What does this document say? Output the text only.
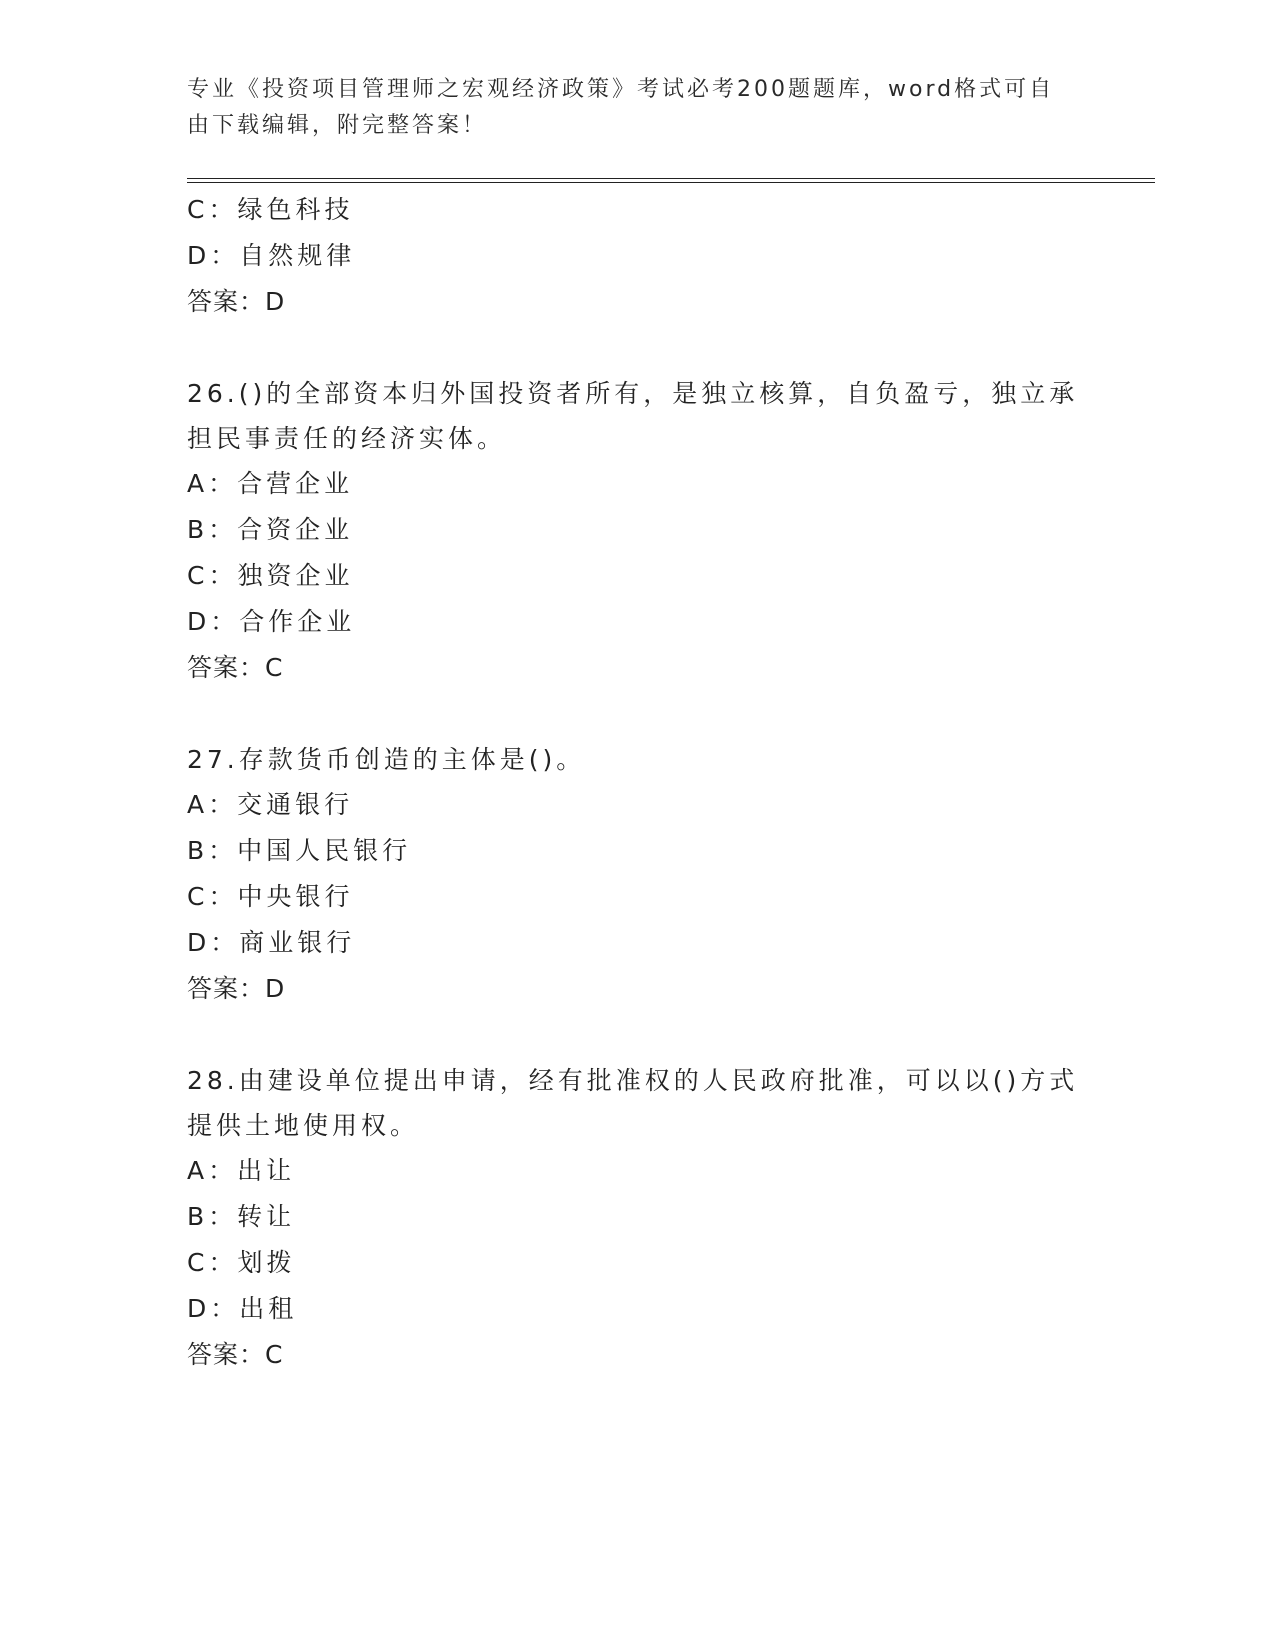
专业《投资项目管理师之宏观经济政策》考试必考200题题库，word格式可自由下载编辑，附完整答案！
C：绿色科技
D：自然规律
答案：D
26.()的全部资本归外国投资者所有，是独立核算，自负盈亏，独立承担民事责任的经济实体。
A：合营企业
B：合资企业
C：独资企业
D：合作企业
答案：C
27.存款货币创造的主体是()。
A：交通银行
B：中国人民银行
C：中央银行
D：商业银行
答案：D
28.由建设单位提出申请，经有批准权的人民政府批准，可以以()方式提供土地使用权。
A：出让
B：转让
C：划拨
D：出租
答案：C
